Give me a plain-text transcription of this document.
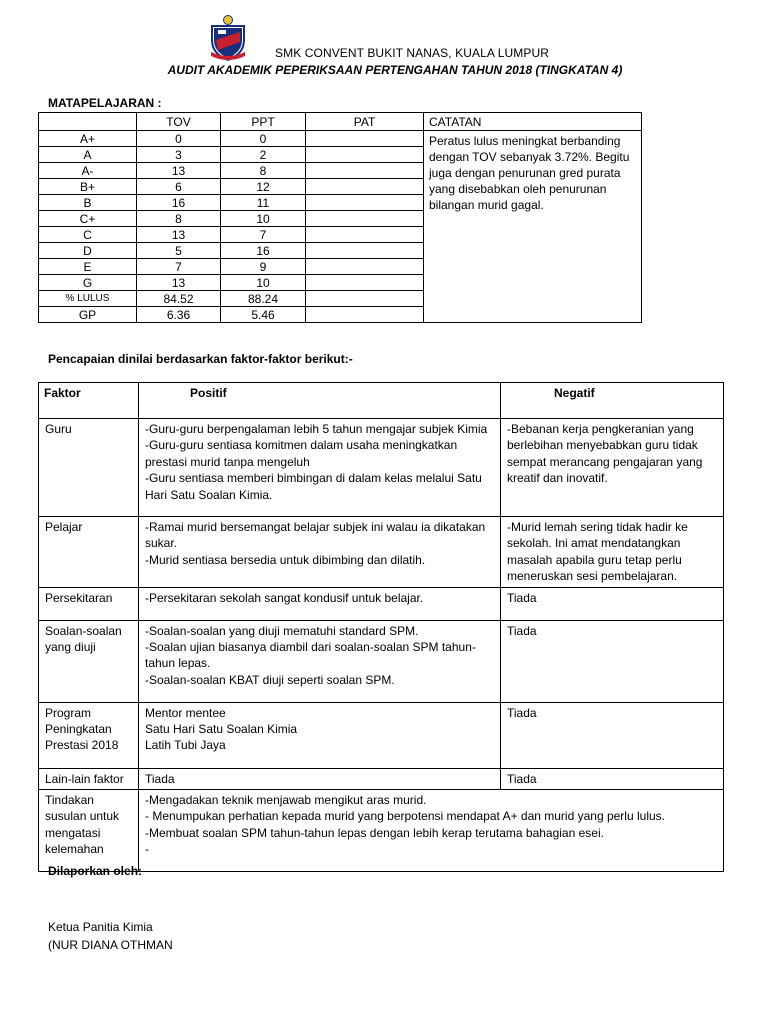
SMK CONVENT BUKIT NANAS, KUALA LUMPUR
AUDIT AKADEMIK PEPERIKSAAN PERTENGAHAN TAHUN 2018 (TINGKATAN 4)
MATAPELAJARAN :
	TOV	PPT	PAT	CATATAN
A+	0	0		Peratus lulus meningkat berbanding dengan TOV sebanyak 3.72%. Begitu juga dengan penurunan gred purata yang disebabkan oleh penurunan bilangan murid gagal.
A	3	2		
A-	13	8		
B+	6	12		
B	16	11		
C+	8	10		
C	13	7		
D	5	16		
E	7	9		
G	13	10		
% LULUS	84.52	88.24		
GP	6.36	5.46		
Pencapaian dinilai berdasarkan faktor-faktor berikut:-
Faktor	Positif	Negatif
Guru	-Guru-guru berpengalaman lebih 5 tahun mengajar subjek Kimia
-Guru-guru sentiasa komitmen dalam usaha meningkatkan prestasi murid tanpa mengeluh
-Guru sentiasa memberi bimbingan di dalam kelas melalui Satu Hari Satu Soalan Kimia.	-Bebanan kerja pengkeranian yang berlebihan menyebabkan guru tidak sempat merancang pengajaran yang kreatif dan inovatif.

Pelajar	-Ramai murid bersemangat belajar subjek ini walau ia dikatakan sukar.
-Murid sentiasa bersedia untuk dibimbing dan dilatih.	-Murid lemah sering tidak hadir ke sekolah. Ini amat mendatangkan masalah apabila guru tetap perlu meneruskan sesi pembelajaran.

Persekitaran	-Persekitaran sekolah sangat kondusif untuk belajar.	Tiada

Soalan-soalan yang diuji	-Soalan-soalan yang diuji mematuhi standard SPM.
-Soalan ujian biasanya diambil dari soalan-soalan SPM tahun-tahun lepas.
-Soalan-soalan KBAT diuji seperti soalan SPM.	Tiada

Program Peningkatan Prestasi 2018	Mentor mentee
Satu Hari Satu Soalan Kimia
Latih Tubi Jaya	Tiada

Lain-lain faktor	Tiada	Tiada

Tindakan susulan untuk mengatasi kelemahan	-Mengadakan teknik menjawab mengikut aras murid.
- Menumpukan perhatian kepada murid yang berpotensi mendapat A+ dan murid yang perlu lulus.
-Membuat soalan SPM tahun-tahun lepas dengan lebih kerap terutama bahagian esei.
-	
Dilaporkan oleh:
Ketua Panitia Kimia
(NUR DIANA OTHMAN
